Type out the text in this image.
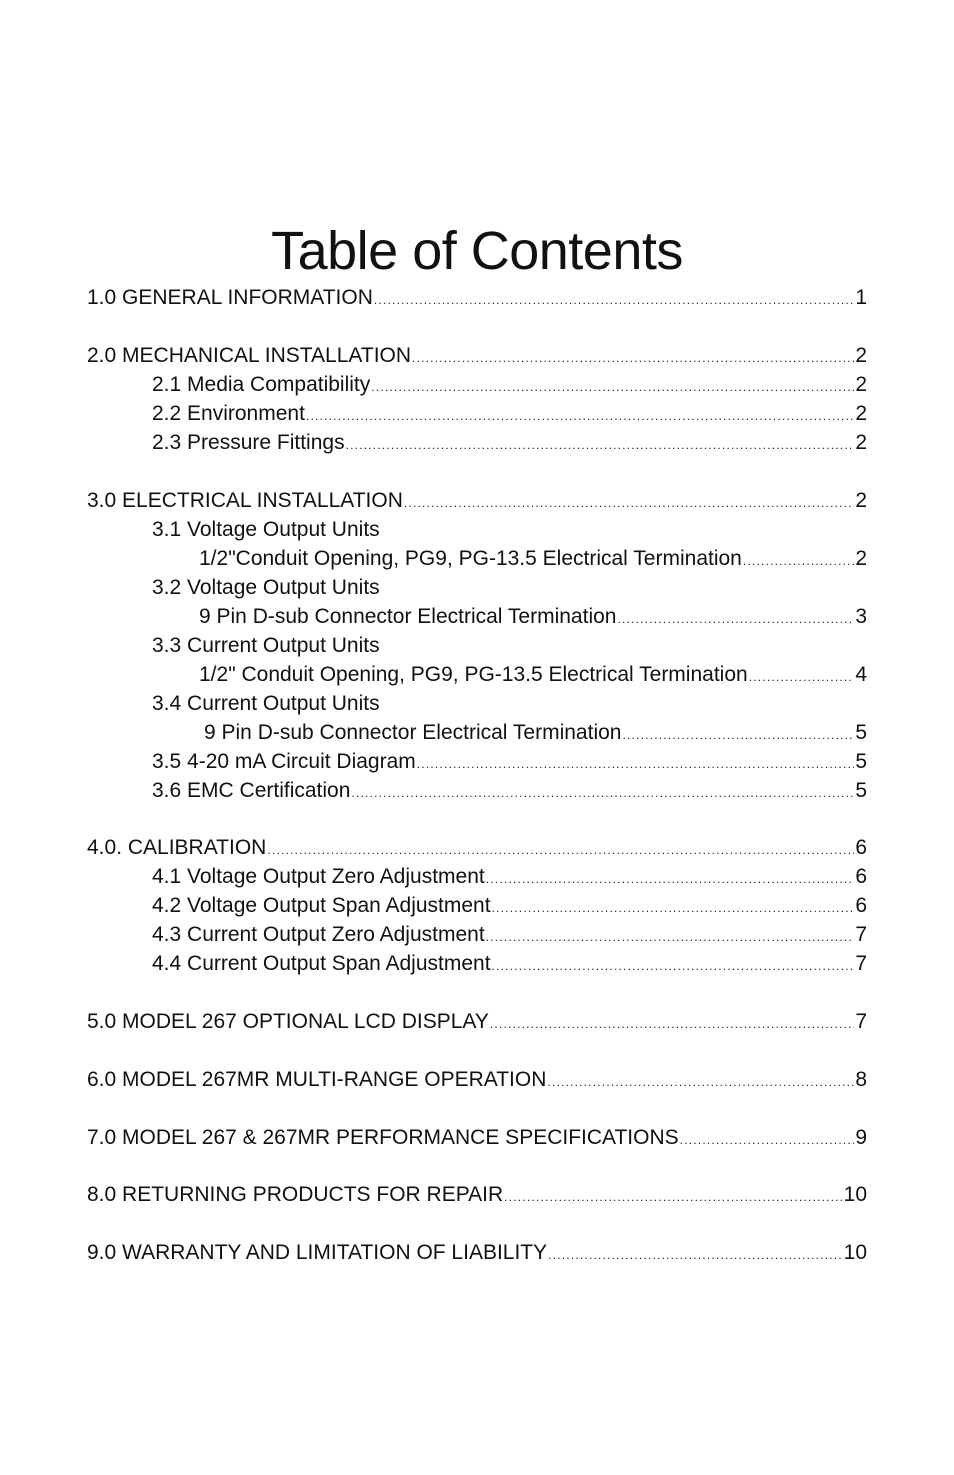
Table of Contents
1.0 GENERAL INFORMATION .....	1
2.0 MECHANICAL INSTALLATION .....	2
2.1 Media Compatibility .....	2
2.2 Environment .....	2
2.3 Pressure Fittings .....	2
3.0 ELECTRICAL INSTALLATION .....	2
3.1 Voltage Output Units
1/2"Conduit Opening, PG9, PG-13.5 Electrical Termination .....	2
3.2 Voltage Output Units
9 Pin D-sub Connector Electrical Termination .....	3
3.3 Current Output Units
1/2" Conduit Opening, PG9, PG-13.5 Electrical Termination .....	4
3.4 Current Output Units
9 Pin D-sub Connector Electrical Termination .....	5
3.5 4-20 mA Circuit Diagram .....	5
3.6 EMC Certification .....	5
4.0. CALIBRATION .....	6
4.1 Voltage Output Zero Adjustment .....	6
4.2 Voltage Output Span Adjustment .....	6
4.3 Current Output Zero Adjustment .....	7
4.4 Current Output Span Adjustment .....	7
5.0 MODEL 267 OPTIONAL LCD DISPLAY .....	7
6.0 MODEL 267MR MULTI-RANGE OPERATION .....	8
7.0 MODEL 267 & 267MR PERFORMANCE SPECIFICATIONS .....	9
8.0 RETURNING PRODUCTS FOR REPAIR .....	10
9.0 WARRANTY AND LIMITATION OF LIABILITY .....	10
